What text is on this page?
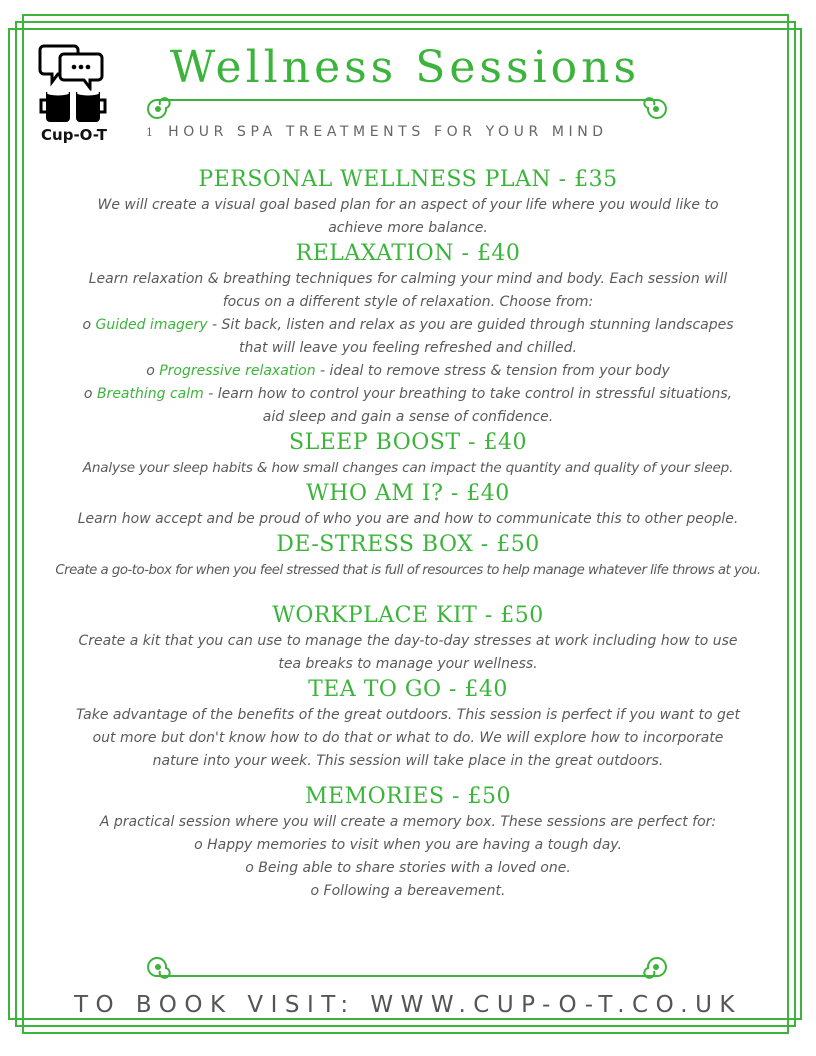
Cup-O-T
Wellness Sessions
1 HOUR SPA TREATMENTS FOR YOUR MIND

PERSONAL WELLNESS PLAN - £35

We will create a visual goal based plan for an aspect of your life where you would like to

achieve more balance.

RELAXATION - £40

Learn relaxation & breathing techniques for calming your mind and body. Each session will

focus on a different style of relaxation. Choose from:

o Guided imagery - Sit back, listen and relax as you are guided through stunning landscapes

that will leave you feeling refreshed and chilled.

o Progressive relaxation - ideal to remove stress & tension from your body

o Breathing calm - learn how to control your breathing to take control in stressful situations,

aid sleep and gain a sense of confidence.

SLEEP BOOST - £40

Analyse your sleep habits & how small changes can impact the quantity and quality of your sleep.

WHO AM I? - £40

Learn how accept and be proud of who you are and how to communicate this to other people.

DE-STRESS BOX - £50

Create a go-to-box for when you feel stressed that is full of resources to help manage whatever life throws at you.

WORKPLACE KIT - £50

Create a kit that you can use to manage the day-to-day stresses at work including how to use

tea breaks to manage your wellness.

TEA TO GO - £40

Take advantage of the benefits of the great outdoors. This session is perfect if you want to get

out more but don't know how to do that or what to do. We will explore how to incorporate

nature into your week. This session will take place in the great outdoors.

MEMORIES - £50

A practical session where you will create a memory box. These sessions are perfect for:

o Happy memories to visit when you are having a tough day.

o Being able to share stories with a loved one.

o Following a bereavement.

TO BOOK VISIT: WWW.CUP-O-T.CO.UK
